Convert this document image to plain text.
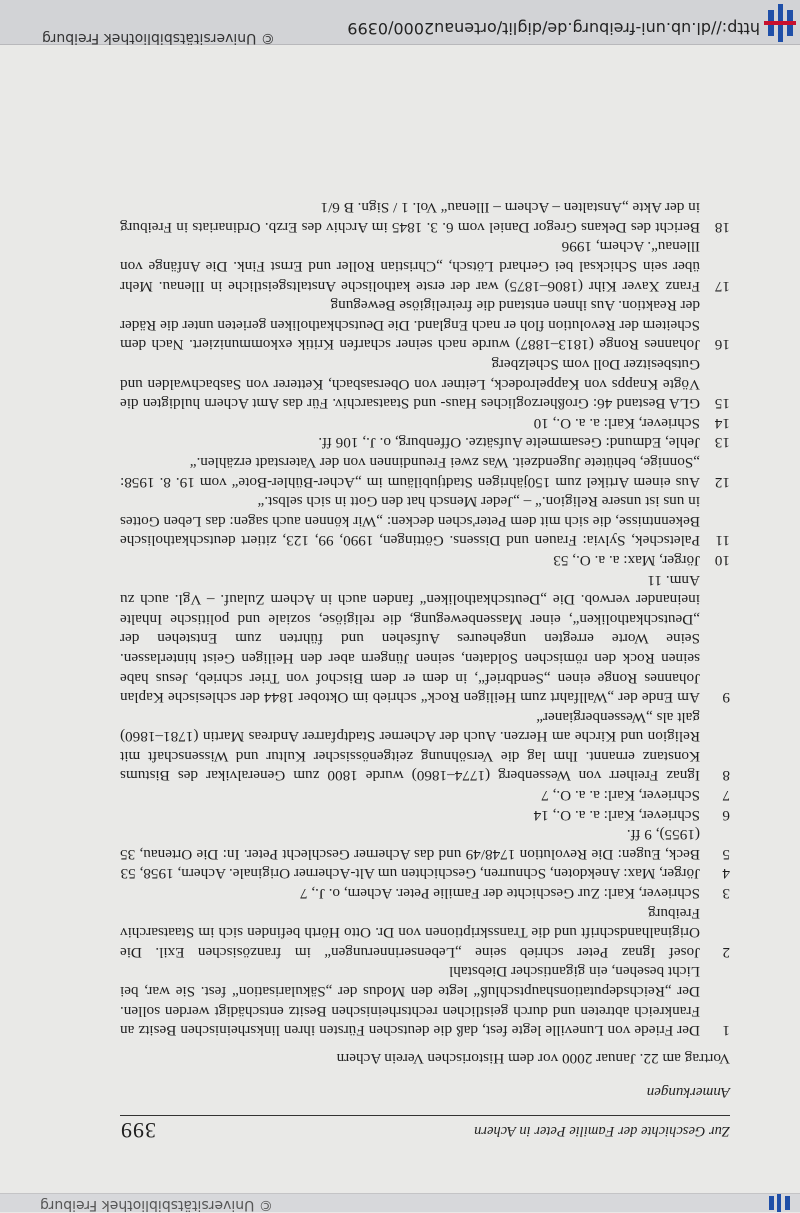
© Universitätsbibliothek Freiburg
Zur Geschichte der Familie Peter in Achern
399
Anmerkungen
Vortrag am 22. Januar 2000 vor dem Historischen Verein Achern
1
Der Friede von Luneville legte fest, daß die deutschen Fürsten ihren linksrheinischen Besitz an Frankreich abtreten und durch geistlichen rechtsrheinischen Besitz entschädigt werden sollen. Der „Reichsdeputationshauptschluß“ legte den Modus der „Säkularisation“ fest. Sie war, bei Licht besehen, ein gigantischer Diebstahl
2
Josef Ignaz Peter schrieb seine „Lebenserinnerungen“ im französischen Exil. Die Originalhandschrift und die Transskriptionen von Dr. Otto Hörth befinden sich im Staatsarchiv Freiburg
3
Schriever, Karl: Zur Geschichte der Familie Peter. Achern, o. J., 7
4
Jörger, Max: Anekdoten, Schnurren, Geschichten um Alt-Acherner Originale. Achern, 1958, 53
5
Beck, Eugen: Die Revolution 1748/49 und das Acherner Geschlecht Peter. In: Die Ortenau, 35 (1955), 9 ff.
6
Schriever, Karl: a. a. O., 14
7
Schriever, Karl: a. a. O., 7
8
Ignaz Freiherr von Wessenberg (1774–1860) wurde 1800 zum Generalvikar des Bistums Konstanz ernannt. Ihm lag die Versöhnung zeitgenössischer Kultur und Wissenschaft mit Religion und Kirche am Herzen. Auch der Acherner Stadtpfarrer Andreas Martin (1781–1860) galt als „Wessenbergianer“
9
Am Ende der „Wallfahrt zum Heiligen Rock“ schrieb im Oktober 1844 der schlesische Kaplan Johannes Ronge einen „Sendbrief“, in dem er dem Bischof von Trier schrieb, Jesus habe seinen Rock den römischen Soldaten, seinen Jüngern aber den Heiligen Geist hinterlassen. Seine Worte erregten ungeheures Aufsehen und führten zum Entstehen der „Deutschkatholiken“, einer Massenbewegung, die religiöse, soziale und politische Inhalte ineinander verwob. Die „Deutschkatholiken“ fanden auch in Achern Zulauf. – Vgl. auch zu Anm. 11
10
Jörger, Max: a. a. O., 53
11
Paletschek, Sylvia: Frauen und Dissens. Göttingen, 1990, 99, 123, zitiert deutschkatholische Bekenntnisse, die sich mit dem Peter'schen decken: „Wir können auch sagen: das Leben Gottes in uns ist unsere Religion.“ – „Jeder Mensch hat den Gott in sich selbst.“
12
Aus einem Artikel zum 150jährigen Stadtjubiläum im „Acher-Bühler-Bote“ vom 19. 8. 1958: „Sonnige, behütete Jugendzeit. Was zwei Freundinnen von der Vaterstadt erzählen.“
13
Jehle, Edmund: Gesammelte Aufsätze. Offenburg, o. J., 106 ff.
14
Schriever, Karl: a. a. O., 10
15
GLA Bestand 46: Großherzogliches Haus- und Staatsarchiv. Für das Amt Achern huldigten die Vögte Knapps von Kappelrodeck, Leitner von Obersasbach, Ketterer von Sasbachwalden und Gutsbesitzer Doll vom Schelzberg
16
Johannes Ronge (1813–1887) wurde nach seiner scharfen Kritik exkommuniziert. Nach dem Scheitern der Revolution floh er nach England. Die Deutschkatholiken gerieten unter die Räder der Reaktion. Aus ihnen entstand die freireligiöse Bewegung
17
Franz Xaver Kihr (1806–1875) war der erste katholische Anstaltsgeistliche in Illenau. Mehr über sein Schicksal bei Gerhard Lötsch, „Christian Roller und Ernst Fink. Die Anfänge von Illenau“. Achern, 1996
18
Bericht des Dekans Gregor Daniel vom 6. 3. 1845 im Archiv des Erzb. Ordinariats in Freiburg in der Akte „Anstalten – Achern – Illenau“ Vol. 1 / Sign. B 6/1
http://dl.ub.uni-freiburg.de/diglit/ortenau2000/0399
© Universitätsbibliothek Freiburg
